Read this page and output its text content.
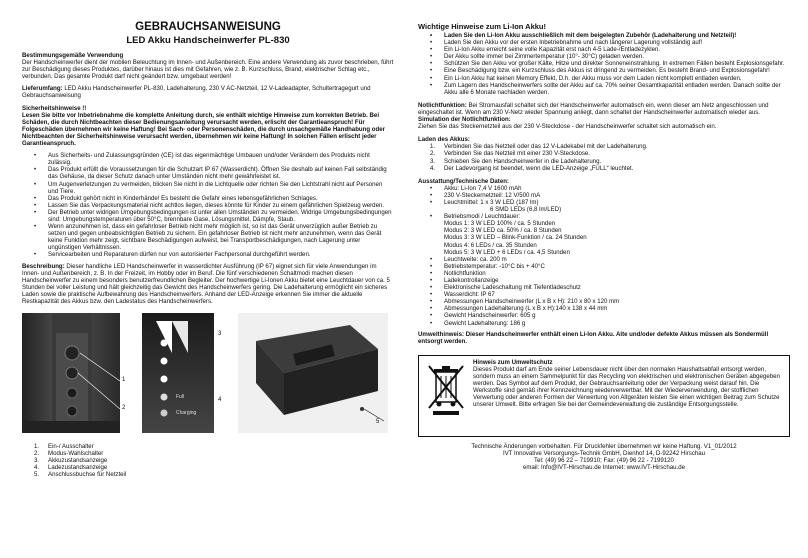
GEBRAUCHSANWEISUNG
LED Akku Handscheinwerfer PL-830
Bestimmungsgemäße Verwendung

Der Handscheinwerfer dient der mobilen Beleuchtung im Innen- und Außenbereich. Eine andere Verwendung als zuvor beschrieben, führt zur Beschädigung dieses Produktes, darüber hinaus ist dies mit Gefahren, wie z. B. Kurzschluss, Brand, elektrischer Schlag etc., verbunden. Das gesamte Produkt darf nicht geändert bzw. umgebaut werden!

Lieferumfang: LED Akku Handscheinwerfer PL-830, Ladehalterung, 230 V AC-Netzteil, 12 V-Ladeadapter, Schultertragegurt und Gebrauchsanweisung

Sicherheitshinweise !!

Lesen Sie bitte vor Inbetriebnahme die komplette Anleitung durch, sie enthält wichtige Hinweise zum korrekten Betrieb. Bei Schäden, die durch Nichtbeachten dieser Bedienungsanleitung verursacht werden, erlischt der Garantieanspruch! Für Folgeschäden übernehmen wir keine Haftung! Bei Sach- oder Personenschäden, die durch unsachgemäße Handhabung oder Nichtbeachten der Sicherheitshinweise verursacht werden, übernehmen wir keine Haftung! In solchen Fällen erlischt jeder Garantieanspruch.

• Aus Sicherheits- und Zulassungsgründen (CE) ist das eigenmächtige Umbauen und/oder Verändern des Produkts nicht zulässig.
• Das Produkt erfüllt die Voraussetzungen für die Schutzart IP 67 (Wasserdicht). Öffnen Sie deshalb auf keinen Fall selbständig das Gehäuse, da dieser Schutz danach unter Umständen nicht mehr gewährleistet ist.
• Um Augenverletzungen zu vermeiden, blicken Sie nicht in die Lichtquelle oder richten Sie den Lichtstrahl nicht auf Personen und Tiere.
• Das Produkt gehört nicht in Kinderhände! Es besteht die Gefahr eines lebensgefährlichen Schlages.
• Lassen Sie das Verpackungsmaterial nicht achtlos liegen, dieses könnte für Kinder zu einem gefährlichen Spielzeug werden.
• Der Betrieb unter widrigen Umgebungsbedingungen ist unter allen Umständen zu vermeiden. Widrige Umgebungsbedingungen sind: Umgebungstemperaturen über 50°C, brennbare Gase, Lösungsmittel, Dämpfe, Staub.
• Wenn anzunehmen ist, dass ein gefahrloser Betrieb nicht mehr möglich ist, so ist das Gerät unverzüglich außer Betrieb zu setzen und gegen unbeabsichtigten Betrieb zu sichern. Ein gefahrloser Betrieb ist nicht mehr anzunehmen, wenn das Gerät keine Funktion mehr zeigt, sichtbare Beschädigungen aufweist, bei Transportbeschädigungen, nach Lagerung unter ungünstigen Verhältnissen.
• Servicearbeiten und Reparaturen dürfen nur von autorisierter Fachpersonal durchgeführt werden.

Beschreibung: Dieser handliche LED Handscheinwerfer in wasserdichter Ausführung (IP 67) eignet sich für viele Anwendungen im Innen- und Außenbereich, z. B. In der Freizeit, im Hobby oder im Beruf. Die fünf verschiedenen Schaltmodi machen diesen Handscheinwerfer zu einem besonders benutzerfreundlichen Begleiter. Der hochwertige Li-Ionen Akku bietet eine Leuchtdauer von ca. 5 Stunden bei voller Leistung und hält gleichzeitig das Gewicht des Handscheinwerfers gering. Die Ladehalterung ermöglicht ein sicheres Laden sowie die praktische Aufbewahrung des Handscheinwerfers. Anhand der LED-Anzeige erkennen Sie immer die aktuelle Restkapazität des Akkus bzw. den Ladestatus des Handscheinwerfers.

1
2
Full
Charging
3
4
5
1. Ein-/ Ausschalter
2. Modus-Wahlschalter
3. Akkuzustandsanzeige
4. Ladezustandsanzeige
5. Anschlussbuchse für Netzteil
Wichtige Hinweise zum Li-Ion Akku!
• Laden Sie den Li-Ion Akku ausschließlich mit dem beigelegten Zubehör (Ladehalterung und Netzteil)!
• Laden Sie den Akku vor der ersten Inbetriebnahme und nach längerer Lagerung vollständig auf!
• Ein Li-Ion Akku erreicht seine volle Kapazität erst nach 4-5 Lade-/Entladezyklen.
• Der Akku sollte immer bei Zimmertemperatur (10°- 30°C) geladen werden.
• Schützen Sie den Akku vor großer Kälte, Hitze und direkter Sonneneinstrahlung. In extremen Fällen besteht Explosionsgefahr.
• Eine Beschädigung bzw. ein Kurzschluss des Akkus ist dringend zu vermeiden. Es besteht Brand- und Explosionsgefahr!
• Ein Li-Ion Akku hat keinen Memory Effekt, D.h. der Akku muss vor dem Laden nicht komplett entladen werden.
• Zum Lagern des Handscheinwerfers sollte der Akku auf ca. 70% seiner Gesamtkapazität entladen werden. Danach sollte der Akku alle 6 Monate nachladen werden.

Notlichtfunktion: Bei Stromausfall schaltet sich der Handscheinwerfer automatisch ein, wenn dieser am Netz angeschlossen und eingeschaltet ist. Wenn am 230 V-Netz wieder Spannung anliegt, dann schaltet der Handscheinwerfer automatisch wieder aus.

Simulation der Notlichtfunktion:

Ziehen Sie das Steckernetzteil aus der 230 V-Steckdose - der Handscheinwerfer schaltet sich automatisch ein.

Laden des Akkus:
1. Verbinden Sie das Netzteil oder das 12 V-Ladekabel mit der Ladehalterung.
2. Verbinden Sie das Netzteil mit einer 230 V-Steckdose.
3. Schieben Sie den Handscheinwerfer in die Ladehalterung.
4. Der Ladevorgang ist beendet, wenn die LED-Anzeige „FULL“ leuchtet.
Ausstattung/Technische Daten:
• Akku: Li-Ion 7,4 V 1600 mAh
• 230 V-Steckernetzteil: 12 V/500 mA
• Leuchtmittel: 1 x 3 W LED (187 lm)
6 SMD LEDs (6,8 lm/LED)
• Betriebsmodi / Leuchtdauer:
Modus 1: 3 W LED 100% / ca. 5 Stunden
Modus 2: 3 W LED ca. 50% / ca. 8 Stunden
Modus 3: 3 W LED – Blink-Funktion / ca. 24 Stunden
Modus 4: 6 LEDs / ca. 35 Stunden
Modus 5: 3 W LED + 6 LEDs / ca. 4,5 Stunden
• Leuchtweite: ca. 200 m
• Betriebstemperatur: -10°C bis + 40°C
• Notlichtfunktion
• Ladekontrollanzeige
• Elektronische Ladeschaltung mit Tiefentladeschutz
• Wasserdicht: IP 67
• Abmessungen Handscheinwerfer (L x B x H): 210 x 80 x 120 mm
• Abmessungen Ladehalterung (L x B x H):140 x 138 x 44 mm
• Gewicht Handscheinwerfer: 605 g
• Gewicht Ladehalterung: 186 g

Umwelthinweis: Dieser Handscheinwerfer enthält einen Li-Ion Akku. Alte und/oder defekte Akkus müssen als Sondermüll entsorgt werden.

Hinweis zum Umweltschutz
Dieses Produkt darf am Ende seiner Lebensdauer nicht über den normalen Haushaltsabfall entsorgt werden, sondern muss an einem Sammelpunkt für das Recycling von elektrischen und elektronischen Geräten abgegeben werden. Das Symbol auf dem Produkt, der Gebrauchsanleitung oder der Verpackung weist darauf hin. Die Werkstoffe sind gemäß ihrer Kennzeichnung wiederverwertbar. Mit der Wiederverwendung, der stofflichen Verwertung oder anderen Formen der Verwertung von Altgeräten leisten Sie einen wichtigen Beitrag zum Schutze unserer Umwelt. Bitte erfragen Sie bei der Gemeindeverwaltung die zuständige Entsorgungsstelle.
Technische Änderungen vorbehalten. Für Druckfehler übernehmen wir keine Haftung. V1_01/2012
IVT Innovative Versorgungs-Technik GmbH, Dienhof 14, D-92242 Hirschau
Tel: (49) 96 22 – 719910; Fax: (49) 96 22 - 7199120
email: Info@IVT-Hirschau.de Internet: www.IVT-Hirschau.de
